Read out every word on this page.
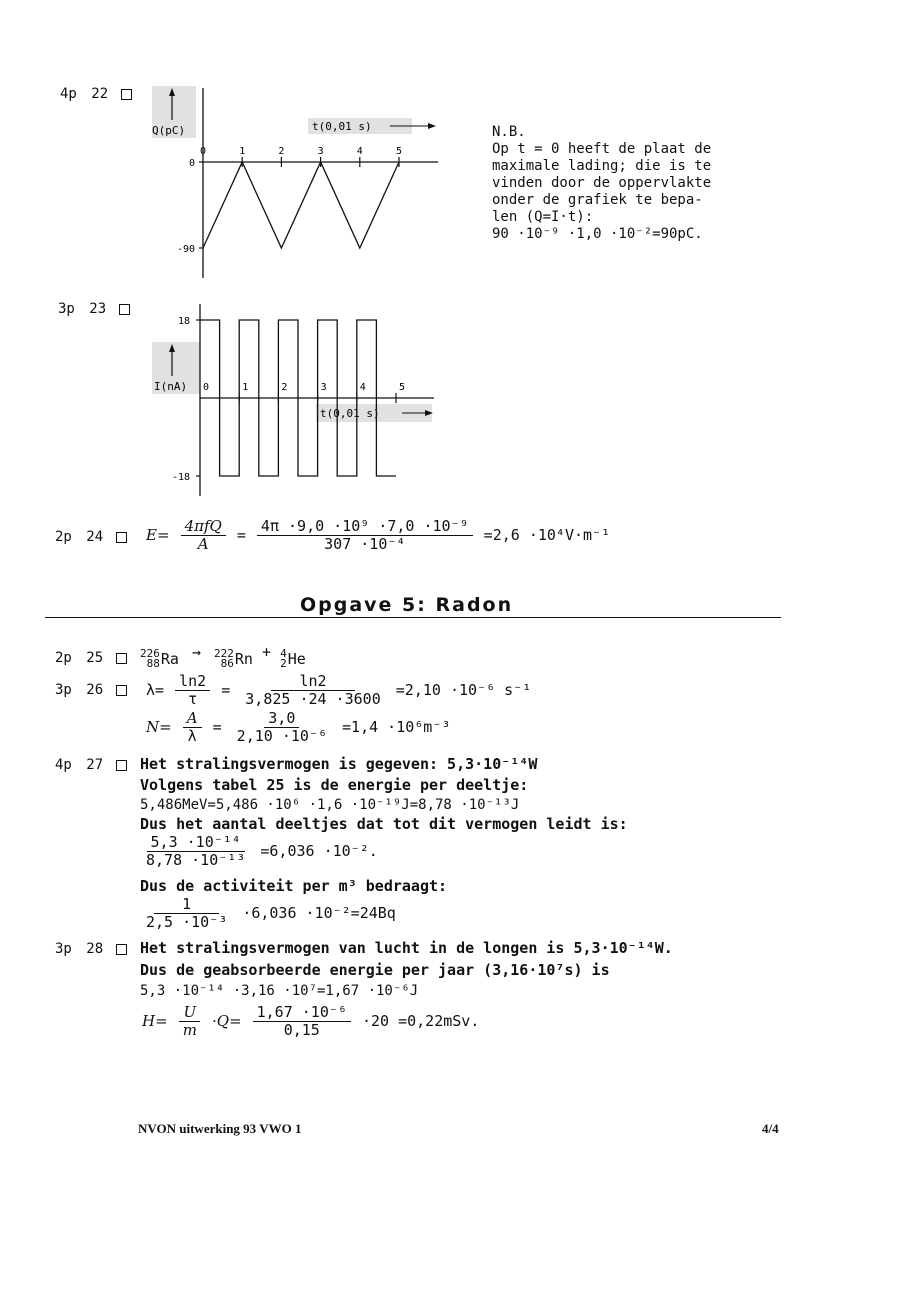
4p 22
Q(pC)	t(0,01 s)
0	1	2	3	4	5
0
-90
N.B.
Op t = 0 heeft de plaat de
maximale lading; die is te
vinden door de oppervlakte
onder de grafiek te bepa-
len (Q=I·t):
90 ·10⁻⁹ ·1,0 ·10⁻²=90pC.
3p 23
I(nA)
t(0,01 s)
0	1	2	3	4	5
18
-18
2p 24	$E= \frac{\text{4πfQ}}{A} = \frac{\text{4π ·9,0 ·10⁹ ·7,0 ·10⁻⁹}}{\text{307 ·10⁻⁴}} =2,6 \cdot 10^4V\cdot m^{-1}$
Opgave 5: Radon
2p 25	226
88 Ra → 222
86 Rn + 4
2 He
3p 26	$\lambda= \frac{\ln 2}{\tau} = \frac{\ln 2}{3,825 \cdot 24 \cdot 3600} =2,10 \cdot 10^{-6}$ s⁻¹
$N= \frac{A}{\lambda} = \frac{3,0}{\text{2,10 ·10⁻⁶}} =1,4 \cdot 10^6m^{-3}$
4p 27	Het stralingsvermogen is gegeven: 5,3·10⁻¹⁴W
Volgens tabel 25 is de energie per deeltje:
5,486MeV=5,486 ·10⁶ ·1,6 ·10⁻¹⁹J=8,78 ·10⁻¹³J
Dus het aantal deeltjes dat tot dit vermogen leidt is:
$\frac{\text{5,3 ·10⁻¹⁴}}{\text{8,78 ·10⁻¹³}} =6,036 \cdot 10^{-2}$.
Dus de activiteit per m³ bedraagt:
$\frac{1}{\text{2,5 ·10⁻³}} \cdot 6,036 \cdot 10^{-2}=24Bq$
3p 28	Het stralingsvermogen van lucht in de longen is 5,3·10⁻¹⁴W.
Dus de geabsorbeerde energie per jaar (3,16·10⁷s) is
5,3 ·10⁻¹⁴ ·3,16 ·10⁷=1,67 ·10⁻⁶J
$H= \frac{U}{m} \cdot Q= \frac{\text{1,67 ·10⁻⁶}}{0,15} \cdot 20 =0,22mSv$.
NVON uitwerking 93 VWO 1	4/4
